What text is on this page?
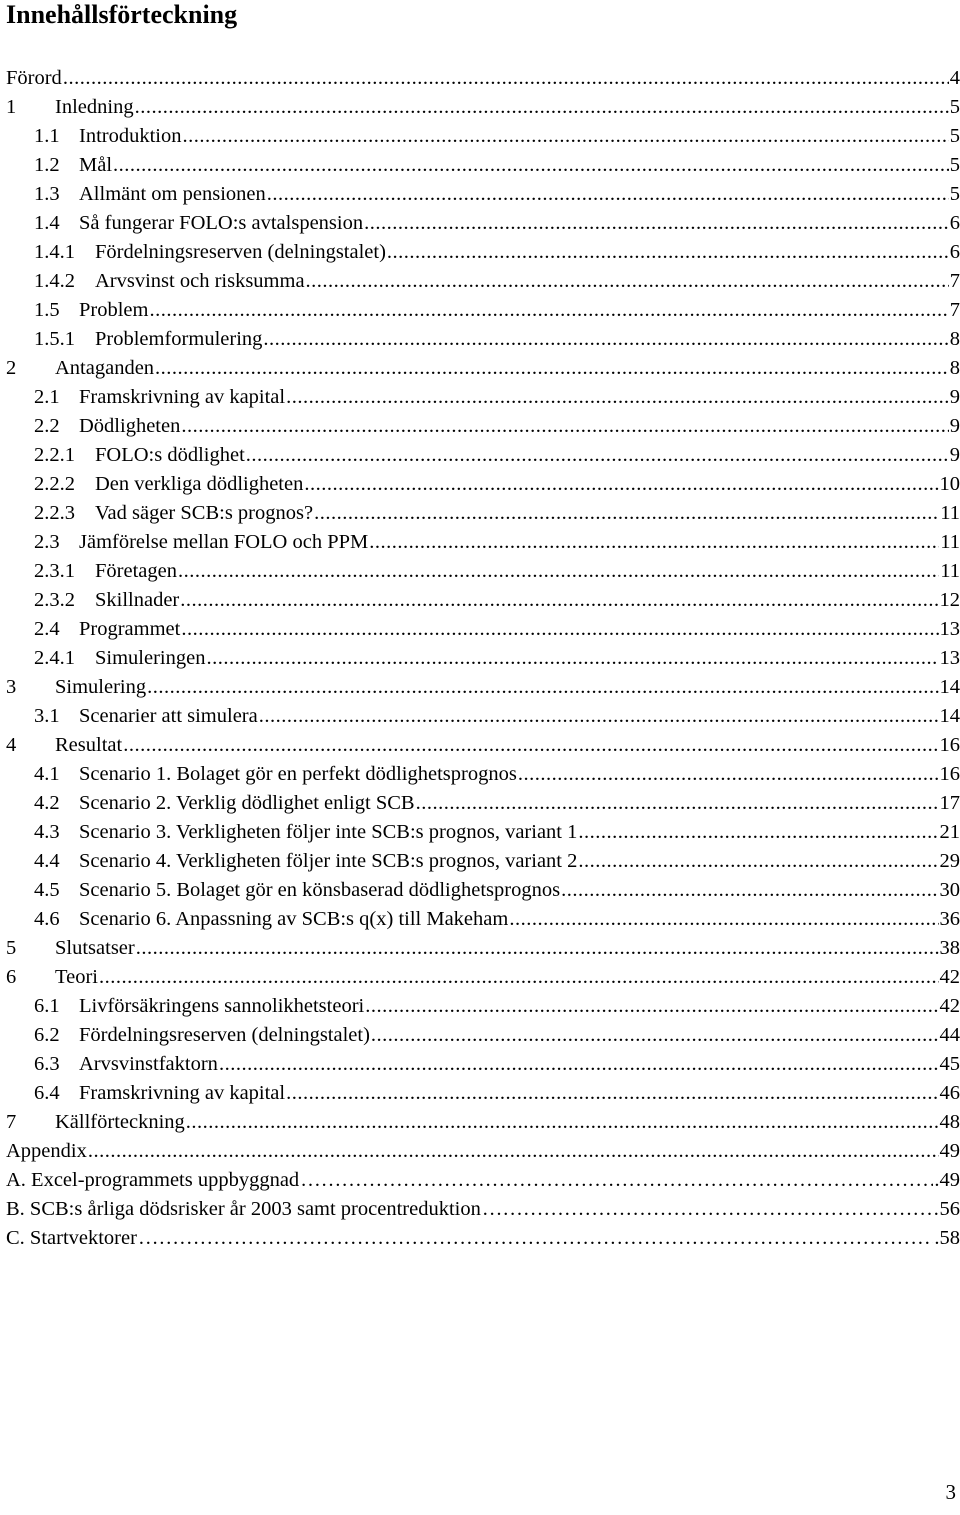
Innehållsförteckning
Förord .....	4
1	Inledning .....	5
1.1 Introduktion .....	5
1.2 Mål .....	5
1.3 Allmänt om pensionen .....	5
1.4 Så fungerar FOLO:s avtalspension .....	6
1.4.1 Fördelningsreserven (delningstalet) .....	6
1.4.2 Arvsvinst och risksumma .....	7
1.5 Problem .....	7
1.5.1 Problemformulering .....	8
2	Antaganden .....	8
2.1 Framskrivning av kapital .....	9
2.2 Dödligheten .....	9
2.2.1 FOLO:s dödlighet .....	9
2.2.2 Den verkliga dödligheten .....	10
2.2.3 Vad säger SCB:s prognos? .....	11
2.3 Jämförelse mellan FOLO och PPM .....	11
2.3.1 Företagen .....	11
2.3.2 Skillnader .....	12
2.4 Programmet .....	13
2.4.1 Simuleringen .....	13
3	Simulering .....	14
3.1 Scenarier att simulera .....	14
4	Resultat .....	16
4.1 Scenario 1. Bolaget gör en perfekt dödlighetsprognos .....	16
4.2 Scenario 2. Verklig dödlighet enligt SCB .....	17
4.3 Scenario 3. Verkligheten följer inte SCB:s prognos, variant 1 .....	21
4.4 Scenario 4. Verkligheten följer inte SCB:s prognos, variant 2 .....	29
4.5 Scenario 5. Bolaget gör en könsbaserad dödlighetsprognos .....	30
4.6 Scenario 6. Anpassning av SCB:s q(x) till Makeham .....	36
5	Slutsatser .....	38
6	Teori .....	42
6.1 Livförsäkringens sannolikhetsteori .....	42
6.2 Fördelningsreserven (delningstalet) .....	44
6.3 Arvsvinstfaktorn .....	45
6.4 Framskrivning av kapital .....	46
7	Källförteckning .....	48
Appendix .....	49
A. Excel-programmets uppbyggnad …………………………………………………………………………………………………………………………………………………………………………………	.49
B. SCB:s årliga dödsrisker år 2003 samt procentreduktion …………………………………………………………………………………………………………………………………………………………………………………	56
C. Startvektorer …………………………………………………………………………………………………………………………………………………………………………………	.58
3
